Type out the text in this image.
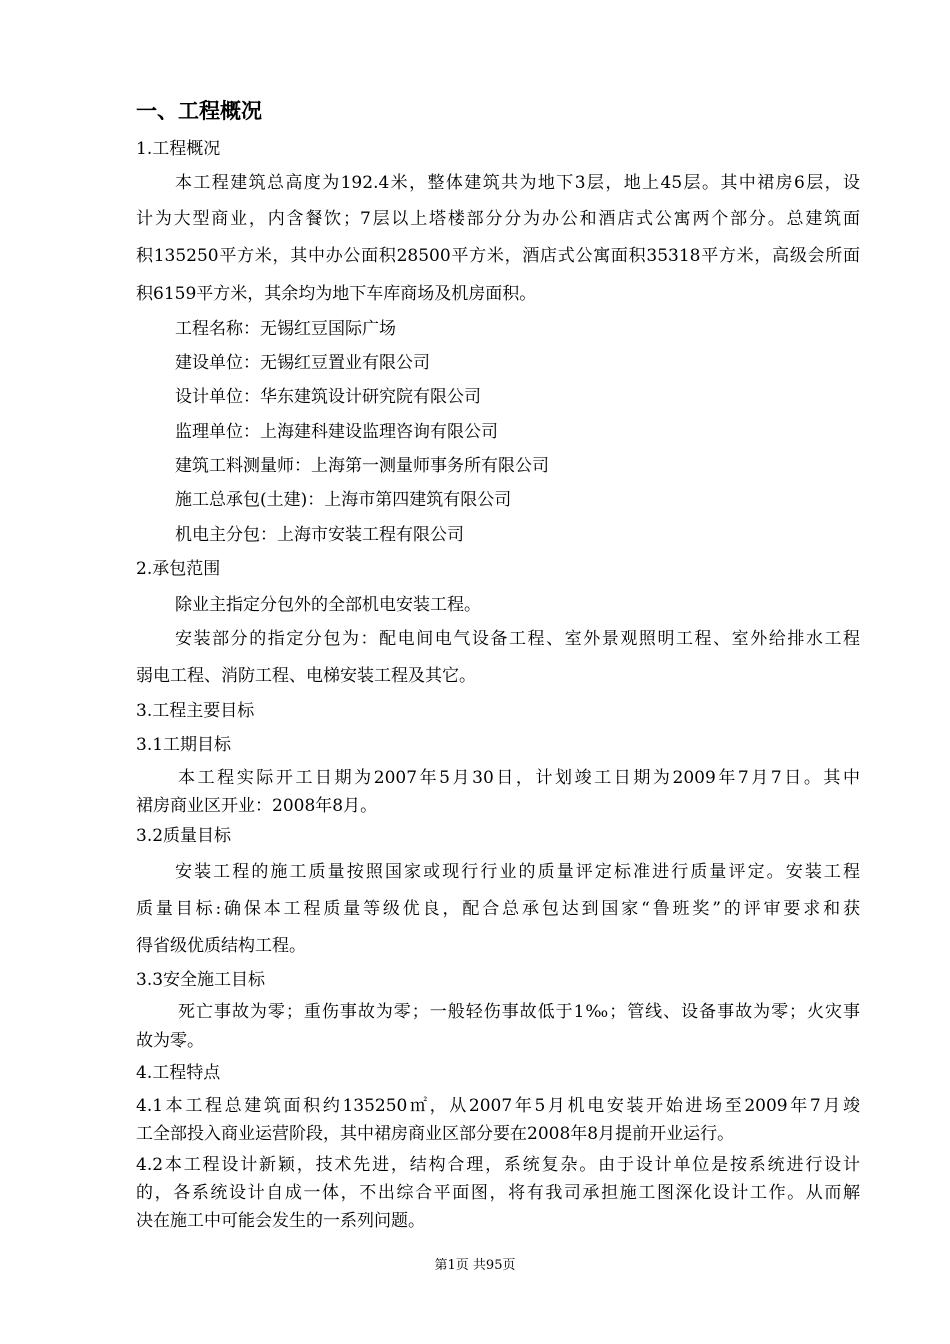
一、工程概况
1.工程概况
本工程建筑总高度为192.4米，整体建筑共为地下3层，地上45层。其中裙房6层，设
计为大型商业，内含餐饮；7层以上塔楼部分分为办公和酒店式公寓两个部分。总建筑面
积135250平方米，其中办公面积28500平方米，酒店式公寓面积35318平方米，高级会所面
积6159平方米，其余均为地下车库商场及机房面积。
工程名称：无锡红豆国际广场
建设单位：无锡红豆置业有限公司
设计单位：华东建筑设计研究院有限公司
监理单位：上海建科建设监理咨询有限公司
建筑工料测量师：上海第一测量师事务所有限公司
施工总承包(土建)：上海市第四建筑有限公司
机电主分包：上海市安装工程有限公司
2.承包范围
除业主指定分包外的全部机电安装工程。
安装部分的指定分包为：配电间电气设备工程、室外景观照明工程、室外给排水工程
弱电工程、消防工程、电梯安装工程及其它。
3.工程主要目标
3.1工期目标
本工程实际开工日期为2007年5月30日，计划竣工日期为2009年7月7日。其中
裙房商业区开业：2008年8月。
3.2质量目标
安装工程的施工质量按照国家或现行行业的质量评定标准进行质量评定。安装工程
质量目标:确保本工程质量等级优良，配合总承包达到国家“鲁班奖”的评审要求和获
得省级优质结构工程。
3.3安全施工目标
死亡事故为零；重伤事故为零；一般轻伤事故低于1‰；管线、设备事故为零；火灾事
故为零。
4.工程特点
4.1本工程总建筑面积约135250㎡，从2007年5月机电安装开始进场至2009年7月竣
工全部投入商业运营阶段，其中裙房商业区部分要在2008年8月提前开业运行。
4.2本工程设计新颖，技术先进，结构合理，系统复杂。由于设计单位是按系统进行设计
的，各系统设计自成一体，不出综合平面图，将有我司承担施工图深化设计工作。从而解
决在施工中可能会发生的一系列问题。
第1页 共95页
